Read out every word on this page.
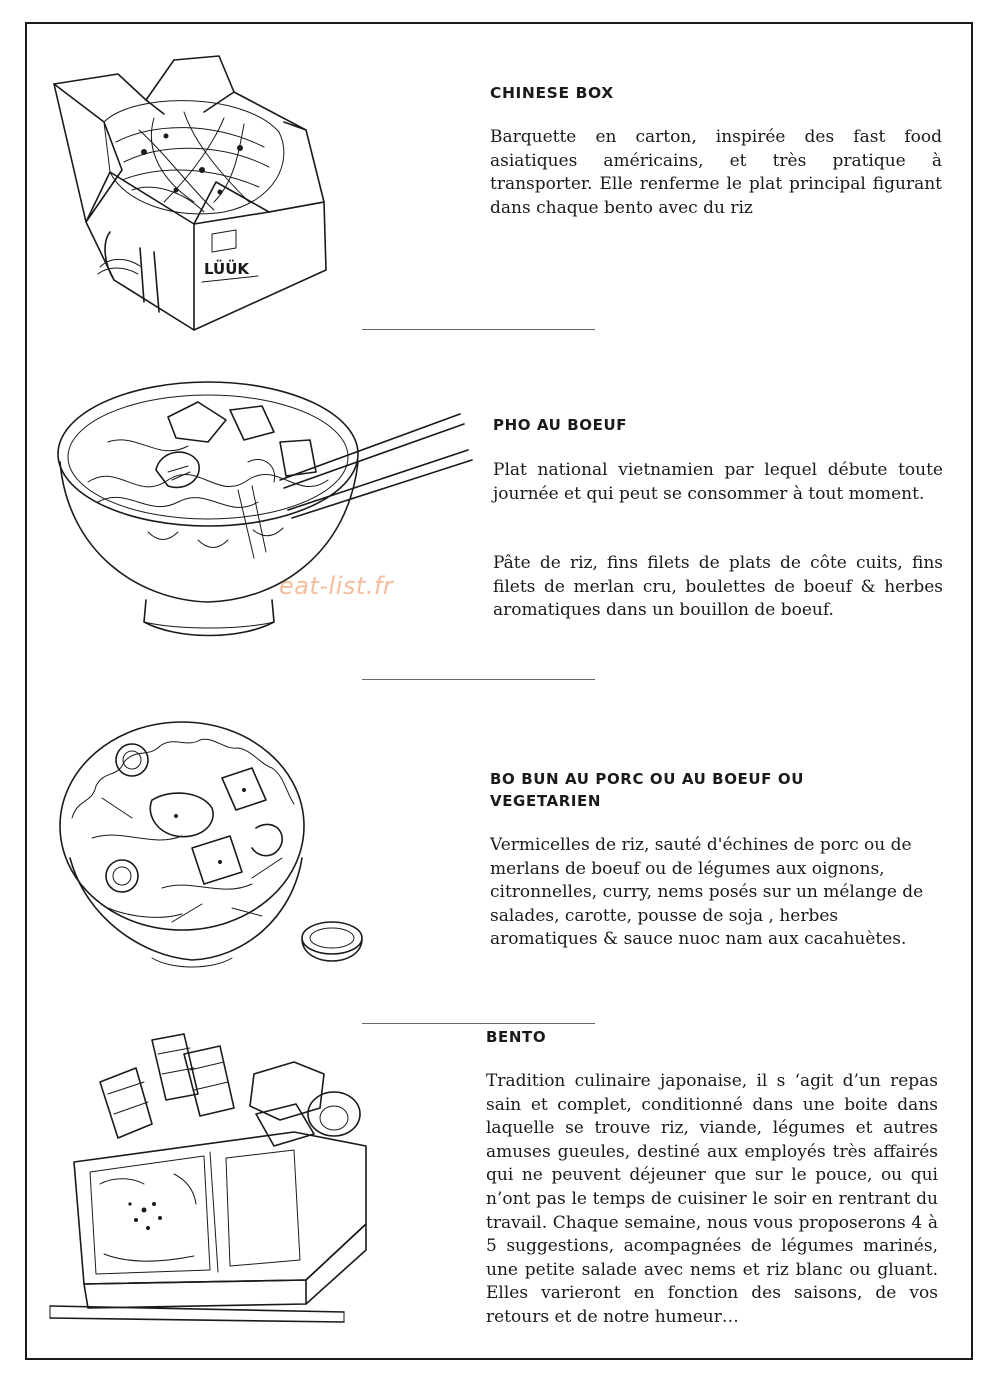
LÜÜK
CHINESE BOX

Barquette en carton, inspirée des fast food asiatiques américains, et très pratique à transporter. Elle renferme le plat principal figurant dans chaque bento avec du riz

eat-list.fr
PHO AU BOEUF

Plat national vietnamien par lequel débute toute journée et qui peut se consommer à tout moment.

Pâte de riz, fins filets de plats de côte cuits, fins filets de merlan cru, boulettes de boeuf & herbes aromatiques dans un bouillon de boeuf.

BO BUN AU PORC OU AU BOEUF OU VEGETARIEN

Vermicelles de riz, sauté d'échines de porc ou de merlans de boeuf ou de légumes aux oignons, citronnelles, curry, nems posés sur un mélange de salades, carotte, pousse de soja , herbes aromatiques & sauce nuoc nam aux cacahuètes.

BENTO

Tradition culinaire japonaise, il s ‘agit d’un repas sain et complet, conditionné dans une boite dans laquelle se trouve riz, viande, légumes et autres amuses gueules, destiné aux employés très affairés qui ne peuvent déjeuner que sur le pouce, ou qui n’ont pas le temps de cuisiner le soir en rentrant du travail. Chaque semaine, nous vous proposerons 4 à 5 suggestions, acompagnées de légumes marinés, une petite salade avec nems et riz blanc ou gluant. Elles varieront en fonction des saisons, de vos retours et de notre humeur…
